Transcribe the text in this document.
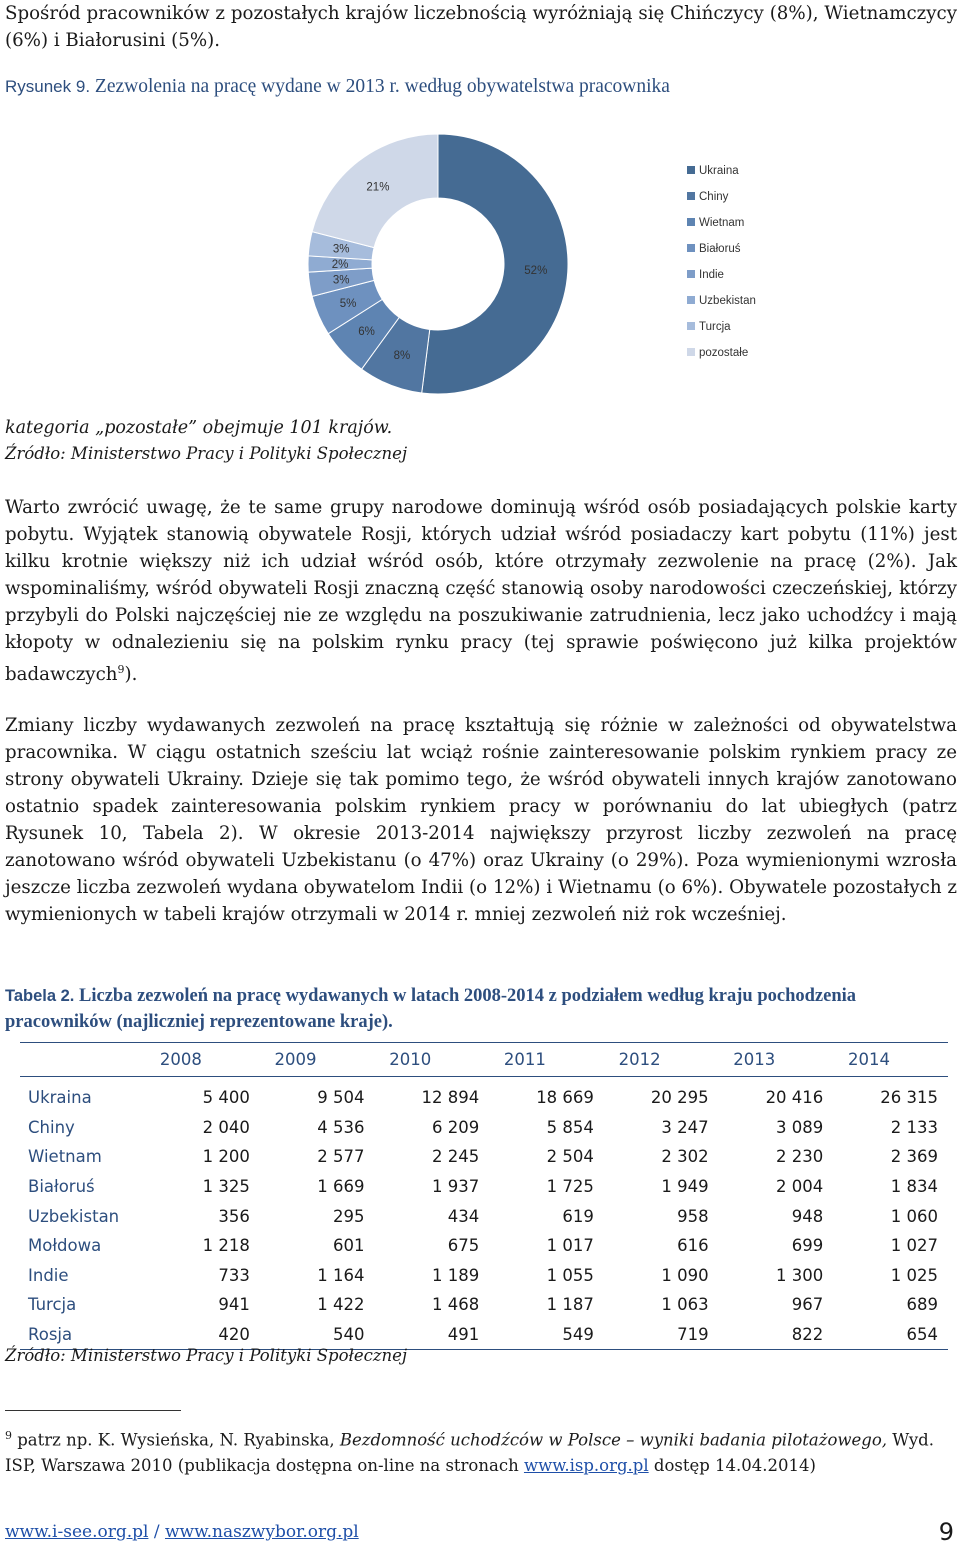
Spośród pracowników z pozostałych krajów liczebnością wyróżniają się Chińczycy (8%), Wietnamczycy (6%) i Białorusini (5%).

Rysunek 9. Zezwolenia na pracę wydane w 2013 r. według obywatelstwa pracownika

52%
8%
6%
5%
3%
2%
3%
21%
Ukraina
Chiny
Wietnam
Białoruś
Indie
Uzbekistan
Turcja
pozostałe

kategoria „pozostałe” obejmuje 101 krajów.

Źródło: Ministerstwo Pracy i Polityki Społecznej

Warto zwrócić uwagę, że te same grupy narodowe dominują wśród osób posiadających polskie karty pobytu. Wyjątek stanowią obywatele Rosji, których udział wśród posiadaczy kart pobytu (11%) jest kilku krotnie większy niż ich udział wśród osób, które otrzymały zezwolenie na pracę (2%). Jak wspominaliśmy, wśród obywateli Rosji znaczną część stanowią osoby narodowości czeczeńskiej, którzy przybyli do Polski najczęściej nie ze względu na poszukiwanie zatrudnienia, lecz jako uchodźcy i mają kłopoty w odnalezieniu się na polskim rynku pracy (tej sprawie poświęcono już kilka projektów badawczych$^9$).

Zmiany liczby wydawanych zezwoleń na pracę kształtują się różnie w zależności od obywatelstwa pracownika. W ciągu ostatnich sześciu lat wciąż rośnie zainteresowanie polskim rynkiem pracy ze strony obywateli Ukrainy. Dzieje się tak pomimo tego, że wśród obywateli innych krajów zanotowano ostatnio spadek zainteresowania polskim rynkiem pracy w porównaniu do lat ubiegłych (patrz Rysunek 10, Tabela 2). W okresie 2013-2014 największy przyrost liczby zezwoleń na pracę zanotowano wśród obywateli Uzbekistanu (o 47%) oraz Ukrainy (o 29%). Poza wymienionymi wzrosła jeszcze liczba zezwoleń wydana obywatelom Indii (o 12%) i Wietnamu (o 6%). Obywatele pozostałych z wymienionych w tabeli krajów otrzymali w 2014 r. mniej zezwoleń niż rok wcześniej.

Tabela 2. Liczba zezwoleń na pracę wydawanych w latach 2008-2014 z podziałem według kraju pochodzenia pracowników (najliczniej reprezentowane kraje).

	2008	2009	2010	2011	2012	2013	2014

Ukraina	5 400	9 504	12 894	18 669	20 295	20 416	26 315
Chiny	2 040	4 536	6 209	5 854	3 247	3 089	2 133
Wietnam	1 200	2 577	2 245	2 504	2 302	2 230	2 369
Białoruś	1 325	1 669	1 937	1 725	1 949	2 004	1 834
Uzbekistan	356	295	434	619	958	948	1 060
Mołdowa	1 218	601	675	1 017	616	699	1 027
Indie	733	1 164	1 189	1 055	1 090	1 300	1 025
Turcja	941	1 422	1 468	1 187	1 063	967	689
Rosja	420	540	491	549	719	822	654

Źródło: Ministerstwo Pracy i Polityki Społecznej

$^9$ patrz np. K. Wysieńska, N. Ryabinska, Bezdomność uchodźców w Polsce – wyniki badania pilotażowego, Wyd. ISP, Warszawa 2010 (publikacja dostępna on-line na stronach www.isp.org.pl dostęp 14.04.2014)

www.i-see.org.pl / www.naszwybor.org.pl	9
